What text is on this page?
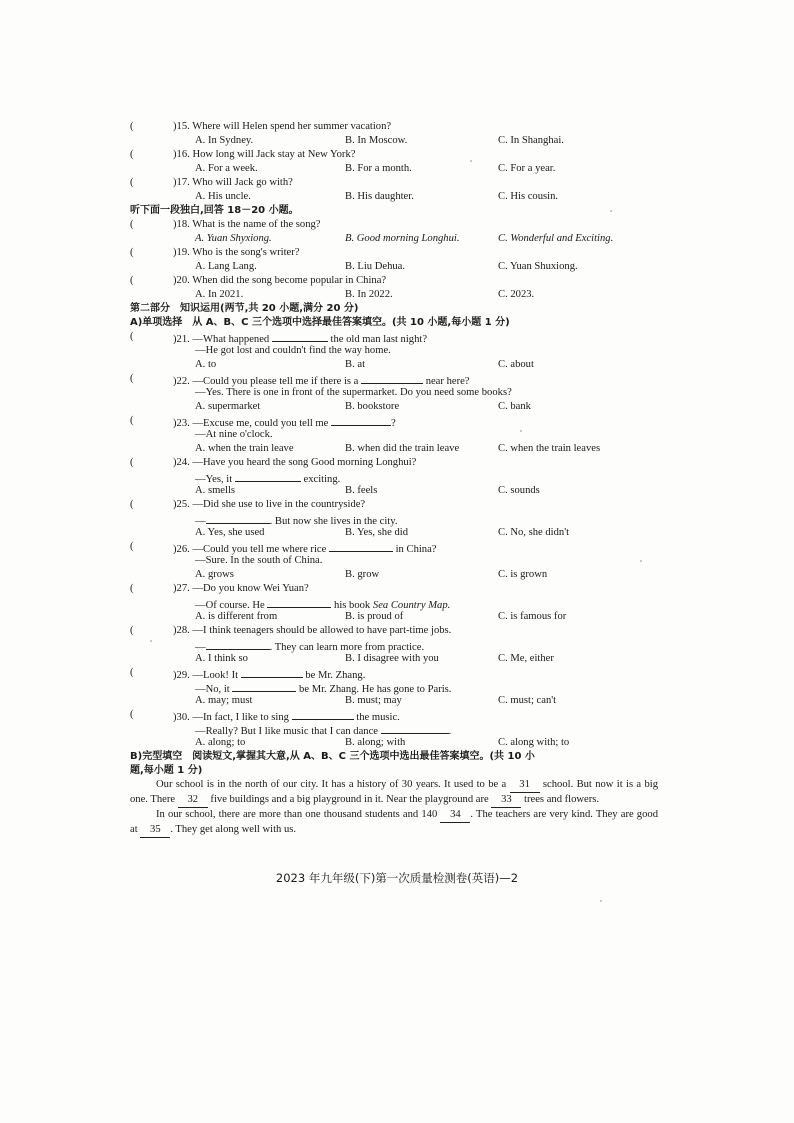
(	)15. Where will Helen spend her summer vacation?
A. In Sydney.	B. In Moscow.	C. In Shanghai.
(	)16. How long will Jack stay at New York?
A. For a week.	B. For a month.	C. For a year.
(	)17. Who will Jack go with?
A. His uncle.	B. His daughter.	C. His cousin.
听下面一段独白,回答 18－20 小题。
(	)18. What is the name of the song?
A. Yuan Shyxiong.	B. Good morning Longhui.	C. Wonderful and Exciting.
(	)19. Who is the song's writer?
A. Lang Lang.	B. Liu Dehua.	C. Yuan Shuxiong.
(	)20. When did the song become popular in China?
A. In 2021.	B. In 2022.	C. 2023.
第二部分　知识运用(两节,共 20 小题,满分 20 分)
A)单项选择　从 A、B、C 三个选项中选择最佳答案填空。(共 10 小题,每小题 1 分)
(	)21. —What happened	the old man last night?
—He got lost and couldn't find the way home.
A. to	B. at	C. about
(	)22. —Could you please tell me if there is a	near here?
—Yes. There is one in front of the supermarket. Do you need some books?
A. supermarket	B. bookstore	C. bank
(	)23. —Excuse me, could you tell me	?
—At nine o'clock.
A. when the train leave	B. when did the train leave	C. when the train leaves
(	)24. —Have you heard the song Good morning Longhui?
—Yes, it	exciting.
A. smells	B. feels	C. sounds
(	)25. —Did she use to live in the countryside?
—	. But now she lives in the city.
A. Yes, she used	B. Yes, she did	C. No, she didn't
(	)26. —Could you tell me where rice	in China?
—Sure. In the south of China.
A. grows	B. grow	C. is grown
(	)27. —Do you know Wei Yuan?
—Of course. He	his book Sea Country Map.
A. is different from	B. is proud of	C. is famous for
(	)28. —I think teenagers should be allowed to have part-time jobs.
—	. They can learn more from practice.
A. I think so	B. I disagree with you	C. Me, either
(	)29. —Look! It	be Mr. Zhang.
—No, it	be Mr. Zhang. He has gone to Paris.
A. may; must	B. must; may	C. must; can't
(	)30. —In fact, I like to sing	the music.
—Really? But I like music that I can dance	.
A. along; to	B. along; with	C. along with; to
B)完型填空　阅读短文,掌握其大意,从 A、B、C 三个选项中选出最佳答案填空。(共 10 小
题,每小题 1 分)
Our school is in the north of our city. It has a history of 30 years. It used to be a 31 school. But now it is a big one. There 32 five buildings and a big playground in it. Near the playground are 33 trees and flowers.
In our school, there are more than one thousand students and 140 34 . The teachers are very kind. They are good at 35 . They get along well with us.
2023 年九年级(下)第一次质量检测卷(英语)—2
